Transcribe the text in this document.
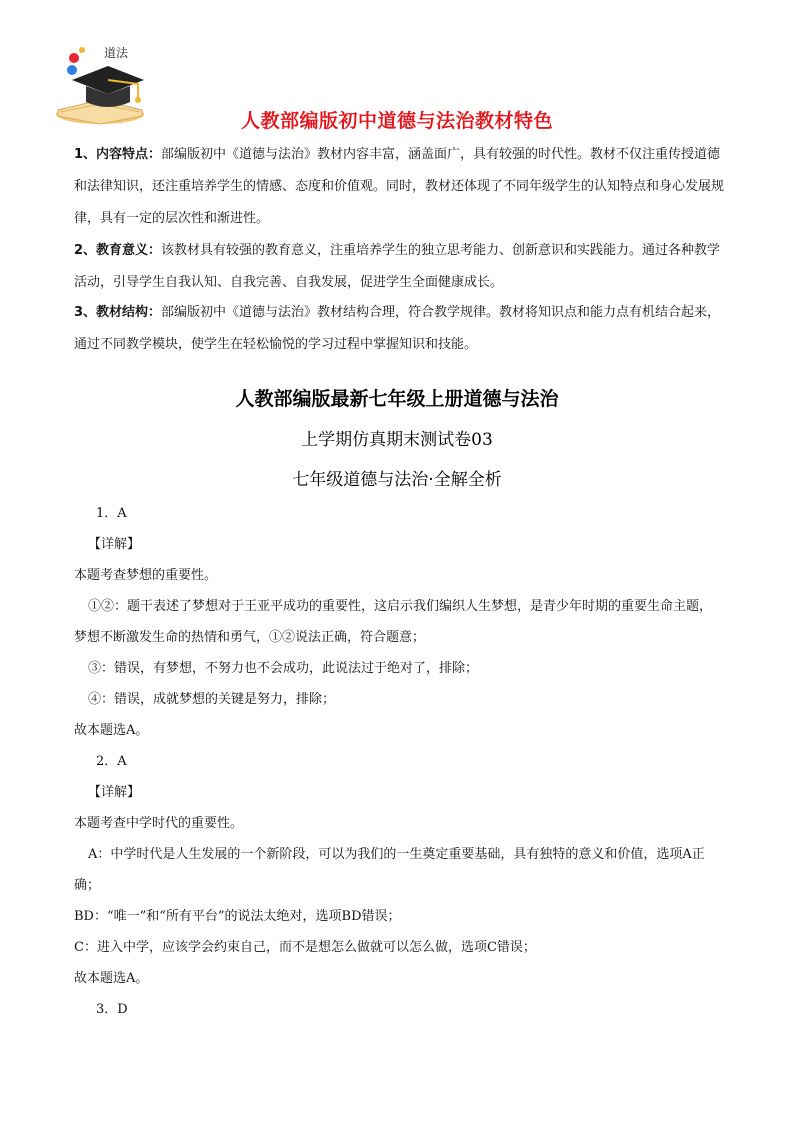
道法
人教部编版初中道德与法治教材特色
1、内容特点：部编版初中《道德与法治》教材内容丰富，涵盖面广，具有较强的时代性。教材不仅注重传授道德和法律知识，还注重培养学生的情感、态度和价值观。同时，教材还体现了不同年级学生的认知特点和身心发展规律，具有一定的层次性和渐进性。
2、教育意义：该教材具有较强的教育意义，注重培养学生的独立思考能力、创新意识和实践能力。通过各种教学活动，引导学生自我认知、自我完善、自我发展，促进学生全面健康成长。
3、教材结构：部编版初中《道德与法治》教材结构合理，符合教学规律。教材将知识点和能力点有机结合起来，通过不同教学模块，使学生在轻松愉悦的学习过程中掌握知识和技能。
人教部编版最新七年级上册道德与法治
上学期仿真期末测试卷03
七年级道德与法治·全解全析
1．A
【详解】
本题考查梦想的重要性。
①②：题干表述了梦想对于王亚平成功的重要性，这启示我们编织人生梦想，是青少年时期的重要生命主题，梦想不断激发生命的热情和勇气，①②说法正确，符合题意；
③：错误，有梦想，不努力也不会成功，此说法过于绝对了，排除；
④：错误，成就梦想的关键是努力，排除；
故本题选A。
2．A
【详解】
本题考查中学时代的重要性。
A：中学时代是人生发展的一个新阶段，可以为我们的一生奠定重要基础，具有独特的意义和价值，选项A正确；
BD：“唯一”和“所有平台”的说法太绝对，选项BD错误；
C：进入中学，应该学会约束自己，而不是想怎么做就可以怎么做，选项C错误；
故本题选A。
3．D
